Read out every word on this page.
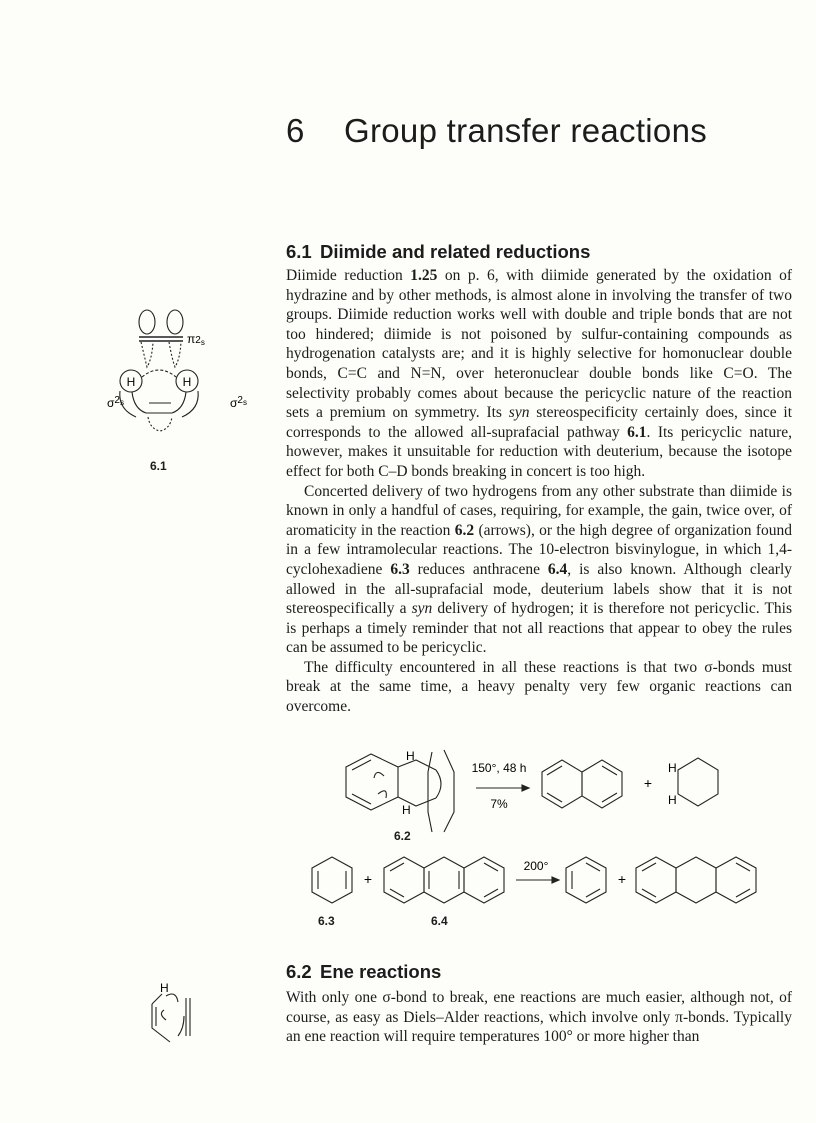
6 Group transfer reactions
6.1 Diimide and related reductions

Diimide reduction 1.25 on p. 6, with diimide generated by the oxidation of hydrazine and by other methods, is almost alone in involving the transfer of two groups. Diimide reduction works well with double and triple bonds that are not too hindered; diimide is not poisoned by sulfur-containing compounds as hydrogenation catalysts are; and it is highly selective for homonuclear double bonds, C=C and N=N, over heteronuclear double bonds like C=O. The selectivity probably comes about because the pericyclic nature of the reaction sets a premium on symmetry. Its syn stereospecificity certainly does, since it corresponds to the allowed all-suprafacial pathway 6.1. Its pericyclic nature, however, makes it unsuitable for reduction with deuterium, because the isotope effect for both C–D bonds breaking in concert is too high.

Concerted delivery of two hydrogens from any other substrate than diimide is known in only a handful of cases, requiring, for example, the gain, twice over, of aromaticity in the reaction 6.2 (arrows), or the high degree of organization found in a few intramolecular reactions. The 10-electron bisvinylogue, in which 1,4-cyclohexadiene 6.3 reduces anthracene 6.4, is also known. Although clearly allowed in the all-suprafacial mode, deuterium labels show that it is not stereospecifically a syn delivery of hydrogen; it is therefore not pericyclic. This is perhaps a timely reminder that not all reactions that appear to obey the rules can be assumed to be pericyclic.

The difficulty encountered in all these reactions is that two σ-bonds must break at the same time, a heavy penalty very few organic reactions can overcome.

H	H
π2s
$\sigma^2s$	$\sigma^2s$
6.1
H
H
150°, 48 h
7%
+
H
H
6.2
+
200°
+
6.3	6.4
6.2 Ene reactions

With only one σ-bond to break, ene reactions are much easier, although not, of course, as easy as Diels–Alder reactions, which involve only π-bonds. Typically an ene reaction will require temperatures 100° or more higher than

H
